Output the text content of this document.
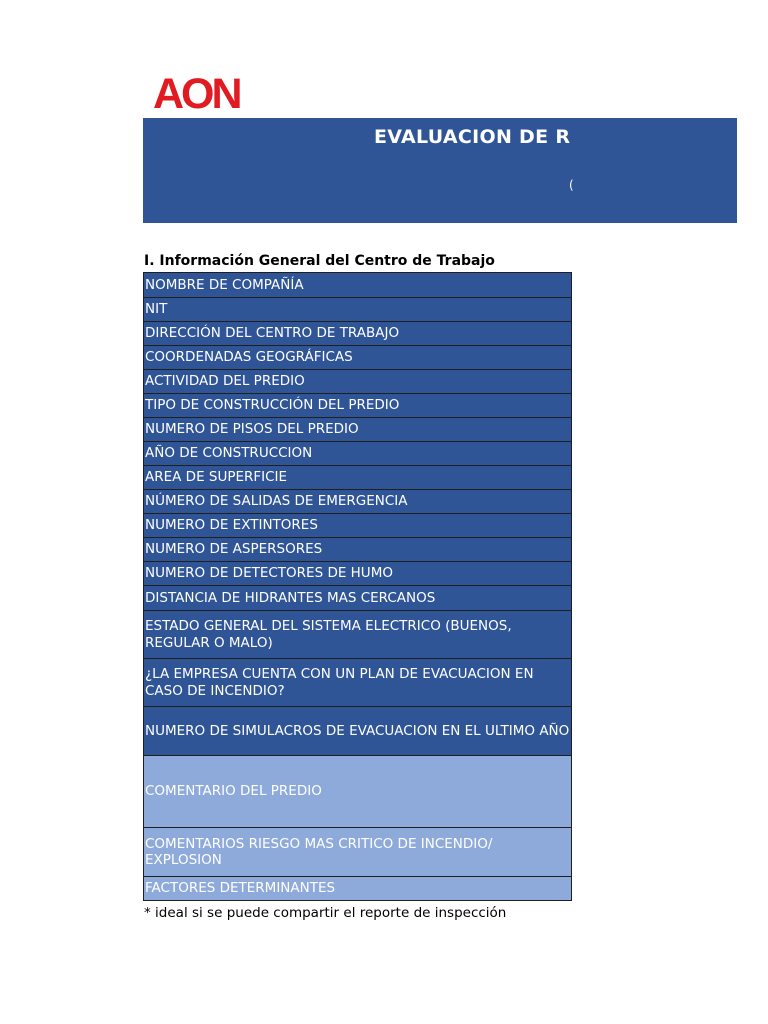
AON
EVALUACION DE R
(
I. Información General del Centro de Trabajo
NOMBRE DE COMPAÑÍA
NIT
DIRECCIÓN DEL CENTRO DE TRABAJO
COORDENADAS GEOGRÁFICAS
ACTIVIDAD DEL PREDIO
TIPO DE CONSTRUCCIÓN DEL PREDIO
NUMERO DE PISOS DEL PREDIO
AÑO DE CONSTRUCCION
AREA DE SUPERFICIE
NÚMERO DE SALIDAS DE EMERGENCIA
NUMERO DE EXTINTORES
NUMERO DE ASPERSORES
NUMERO DE DETECTORES DE HUMO
DISTANCIA DE HIDRANTES MAS CERCANOS
ESTADO GENERAL DEL SISTEMA ELECTRICO (BUENOS, REGULAR O MALO)
¿LA EMPRESA CUENTA CON UN PLAN DE EVACUACION EN CASO DE INCENDIO?
NUMERO DE SIMULACROS DE EVACUACION EN EL ULTIMO AÑO
COMENTARIO DEL PREDIO
COMENTARIOS RIESGO MAS CRITICO DE INCENDIO/ EXPLOSION
FACTORES DETERMINANTES
* ideal si se puede compartir el reporte de inspección
